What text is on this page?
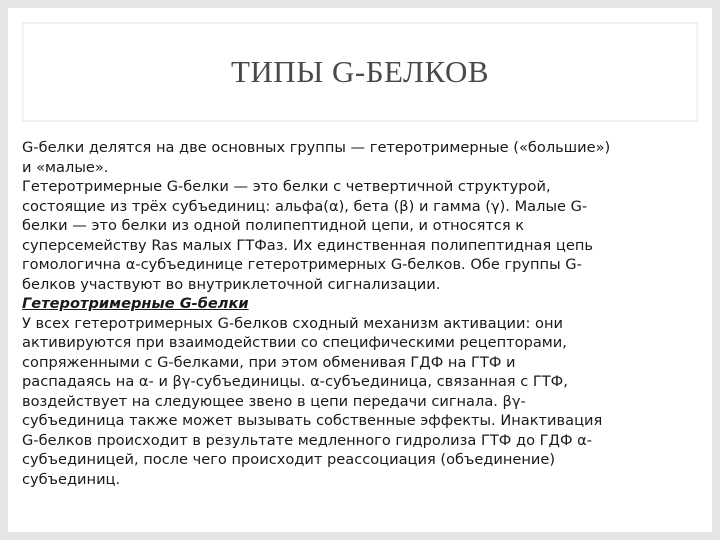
ТИПЫ G-БЕЛКОВ
G-белки делятся на две основных группы — гетеротримерные («большие»)
и «малые».
Гетеротримерные G-белки — это белки с четвертичной структурой,
состоящие из трёх субъединиц: альфа(α), бета (β) и гамма (γ). Малые G-
белки — это белки из одной полипептидной цепи, и относятся к
суперсемейству Ras малых ГТФаз. Их единственная полипептидная цепь
гомологична α-субъединице гетеротримерных G-белков. Обе группы G-
белков участвуют во внутриклеточной сигнализации.
Гетеротримерные G-белки
У всех гетеротримерных G-белков сходный механизм активации: они
активируются при взаимодействии со специфическими рецепторами,
сопряженными с G-белками, при этом обменивая ГДФ на ГТФ и
распадаясь на α- и βγ-субъединицы. α-субъединица, связанная с ГТФ,
воздействует на следующее звено в цепи передачи сигнала. βγ-
субъединица также может вызывать собственные эффекты. Инактивация
G-белков происходит в результате медленного гидролиза ГТФ до ГДФ α-
субъединицей, после чего происходит реассоциация (объединение)
субъединиц.
